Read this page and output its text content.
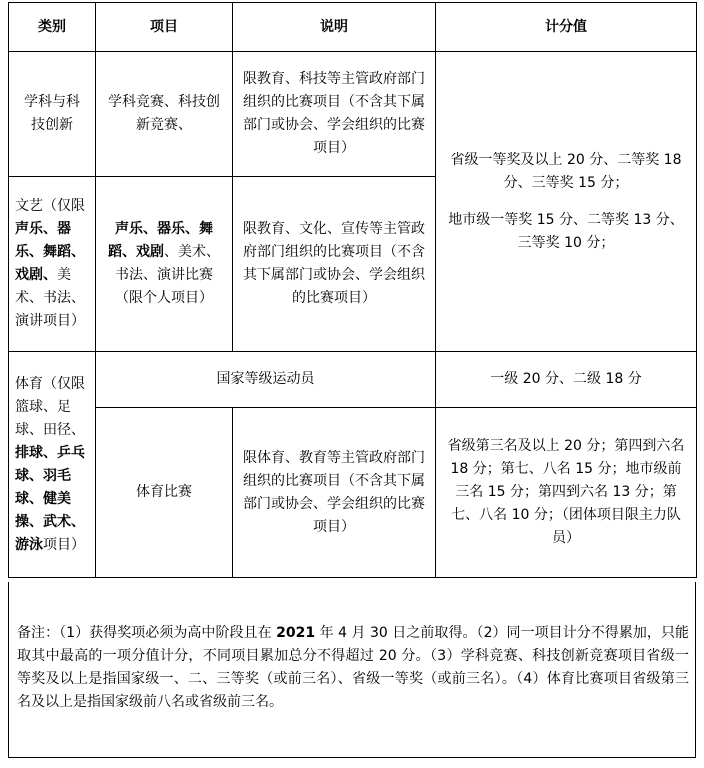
类别	项目	说明	计分值
学科与科技创新	学科竞赛、科技创新竞赛、	限教育、科技等主管政府部门组织的比赛项目（不含其下属部门或协会、学会组织的比赛项目）	省级一等奖及以上 20 分、二等奖 18 分、三等奖 15 分；
地市级一等奖 15 分、二等奖 13 分、三等奖 10 分；

文艺（仅限声乐、器乐、舞蹈、戏剧、美术、书法、演讲项目）	声乐、器乐、舞蹈、戏剧、美术、书法、演讲比赛（限个人项目）	限教育、文化、宣传等主管政府部门组织的比赛项目（不含其下属部门或协会、学会组织的比赛项目）	
体育（仅限篮球、足球、田径、排球、乒乓球、羽毛球、健美操、武术、游泳项目）	国家等级运动员		一级 20 分、二级 18 分
	体育比赛	限体育、教育等主管政府部门组织的比赛项目（不含其下属部门或协会、学会组织的比赛项目）	省级第三名及以上 20 分；第四到六名 18 分；第七、八名 15 分；地市级前三名 15 分；第四到六名 13 分；第七、八名 10 分；（团体项目限主力队员）
备注：（1）获得奖项必须为高中阶段且在 2021 年 4 月 30 日之前取得。（2）同一项目计分不得累加，只能取其中最高的一项分值计分，不同项目累加总分不得超过 20 分。（3）学科竞赛、科技创新竞赛项目省级一等奖及以上是指国家级一、二、三等奖（或前三名）、省级一等奖（或前三名）。（4）体育比赛项目省级第三名及以上是指国家级前八名或省级前三名。
